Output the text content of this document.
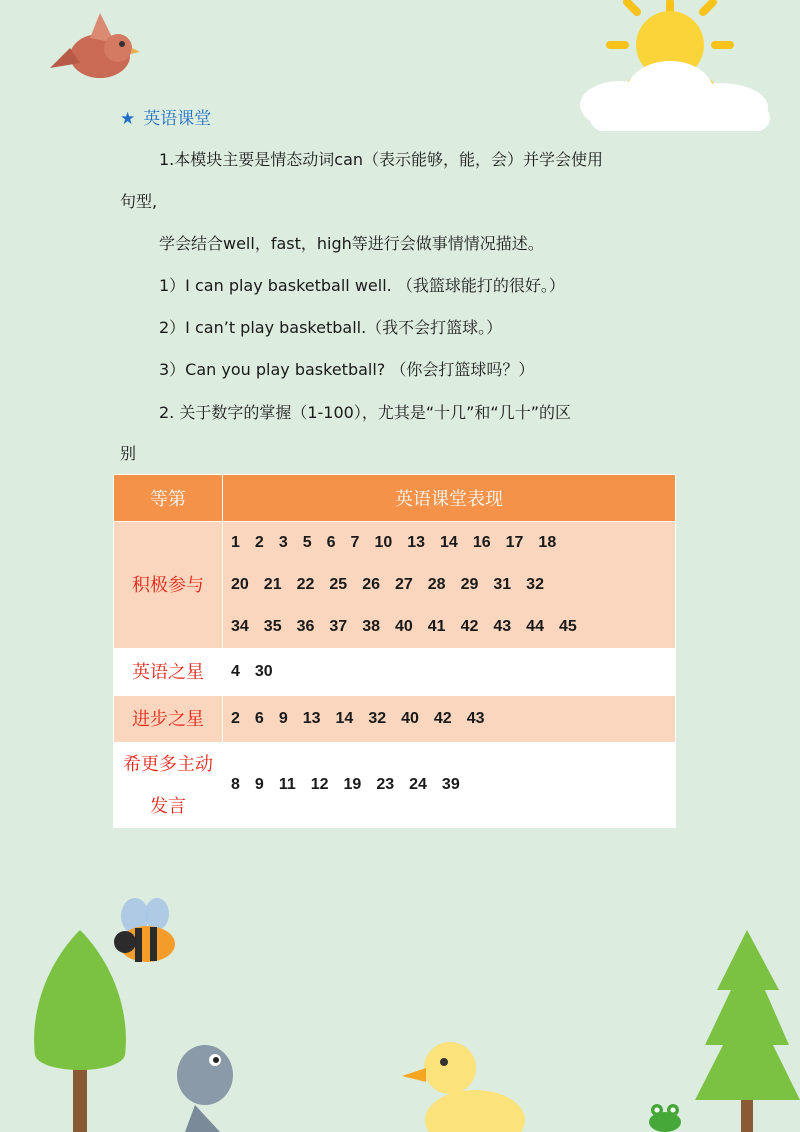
★ 英语课堂
1.本模块主要是情态动词can（表示能够，能，会）并学会使用
句型,
学会结合well，fast，high等进行会做事情情况描述。
1）I can play basketball well. （我篮球能打的很好。）
2）I can’t play basketball.（我不会打篮球。）
3）Can you play basketball? （你会打篮球吗？）
2. 关于数字的掌握（1-100），尤其是“十几”和“几十”的区
别
等第	英语课堂表现
积极参与	1 2 3 5 6 7 10 13 14 16 17 18
20 21 22 25 26 27 28 29 31 32
34 35 36 37 38 40 41 42 43 44 45

英语之星	4 30

进步之星	2 6 9 13 14 32 40 42 43

希更多主动
发言	8 9 11 12 19 23 24 39
